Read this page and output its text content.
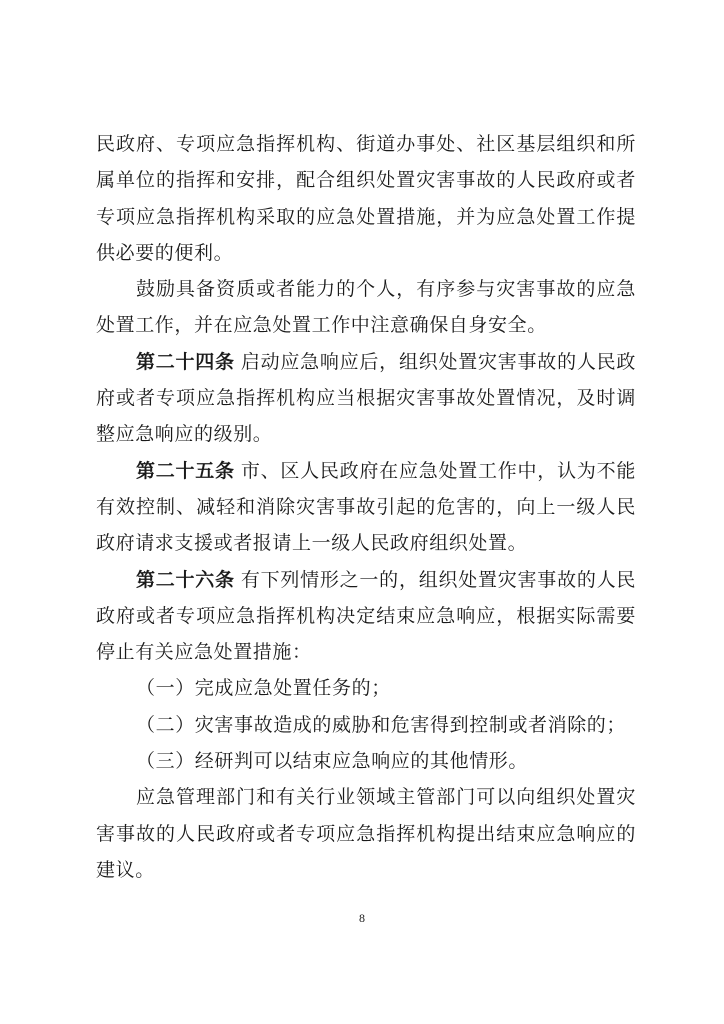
民政府、专项应急指挥机构、街道办事处、社区基层组织和所属单位的指挥和安排，配合组织处置灾害事故的人民政府或者专项应急指挥机构采取的应急处置措施，并为应急处置工作提供必要的便利。

鼓励具备资质或者能力的个人，有序参与灾害事故的应急处置工作，并在应急处置工作中注意确保自身安全。

第二十四条 启动应急响应后，组织处置灾害事故的人民政府或者专项应急指挥机构应当根据灾害事故处置情况，及时调整应急响应的级别。

第二十五条 市、区人民政府在应急处置工作中，认为不能有效控制、减轻和消除灾害事故引起的危害的，向上一级人民政府请求支援或者报请上一级人民政府组织处置。

第二十六条 有下列情形之一的，组织处置灾害事故的人民政府或者专项应急指挥机构决定结束应急响应，根据实际需要停止有关应急处置措施：

（一）完成应急处置任务的；

（二）灾害事故造成的威胁和危害得到控制或者消除的；

（三）经研判可以结束应急响应的其他情形。

应急管理部门和有关行业领域主管部门可以向组织处置灾害事故的人民政府或者专项应急指挥机构提出结束应急响应的建议。

8
